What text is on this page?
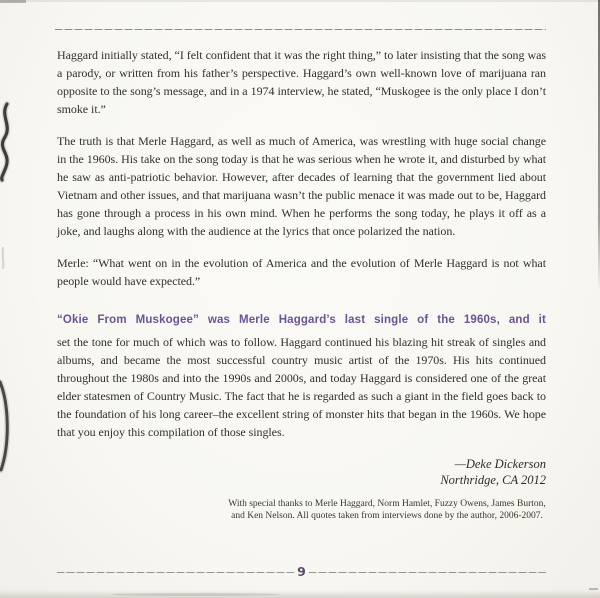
Haggard initially stated, “I felt confident that it was the right thing,” to later insisting that the song was a parody, or written from his father’s perspective. Haggard’s own well-known love of marijuana ran opposite to the song’s message, and in a 1974 interview, he stated, “Muskogee is the only place I don’t smoke it.”

The truth is that Merle Haggard, as well as much of America, was wrestling with huge social change in the 1960s. His take on the song today is that he was serious when he wrote it, and disturbed by what he saw as anti-patriotic behavior. However, after decades of learning that the government lied about Vietnam and other issues, and that marijuana wasn’t the public menace it was made out to be, Haggard has gone through a process in his own mind. When he performs the song today, he plays it off as a joke, and laughs along with the audience at the lyrics that once polarized the nation.

Merle: “What went on in the evolution of America and the evolution of Merle Haggard is not what people would have expected.”

“Okie From Muskogee” was Merle Haggard’s last single of the 1960s, and it

set the tone for much of which was to follow. Haggard continued his blazing hit streak of singles and albums, and became the most successful country music artist of the 1970s. His hits continued throughout the 1980s and into the 1990s and 2000s, and today Haggard is considered one of the great elder statesmen of Country Music. The fact that he is regarded as such a giant in the field goes back to the foundation of his long career–the excellent string of monster hits that began in the 1960s. We hope that you enjoy this compilation of those singles.

—Deke Dickerson
Northridge, CA 2012
With special thanks to Merle Haggard, Norm Hamlet, Fuzzy Owens, James Burton,
and Ken Nelson. All quotes taken from interviews done by the author, 2006-2007.
9
